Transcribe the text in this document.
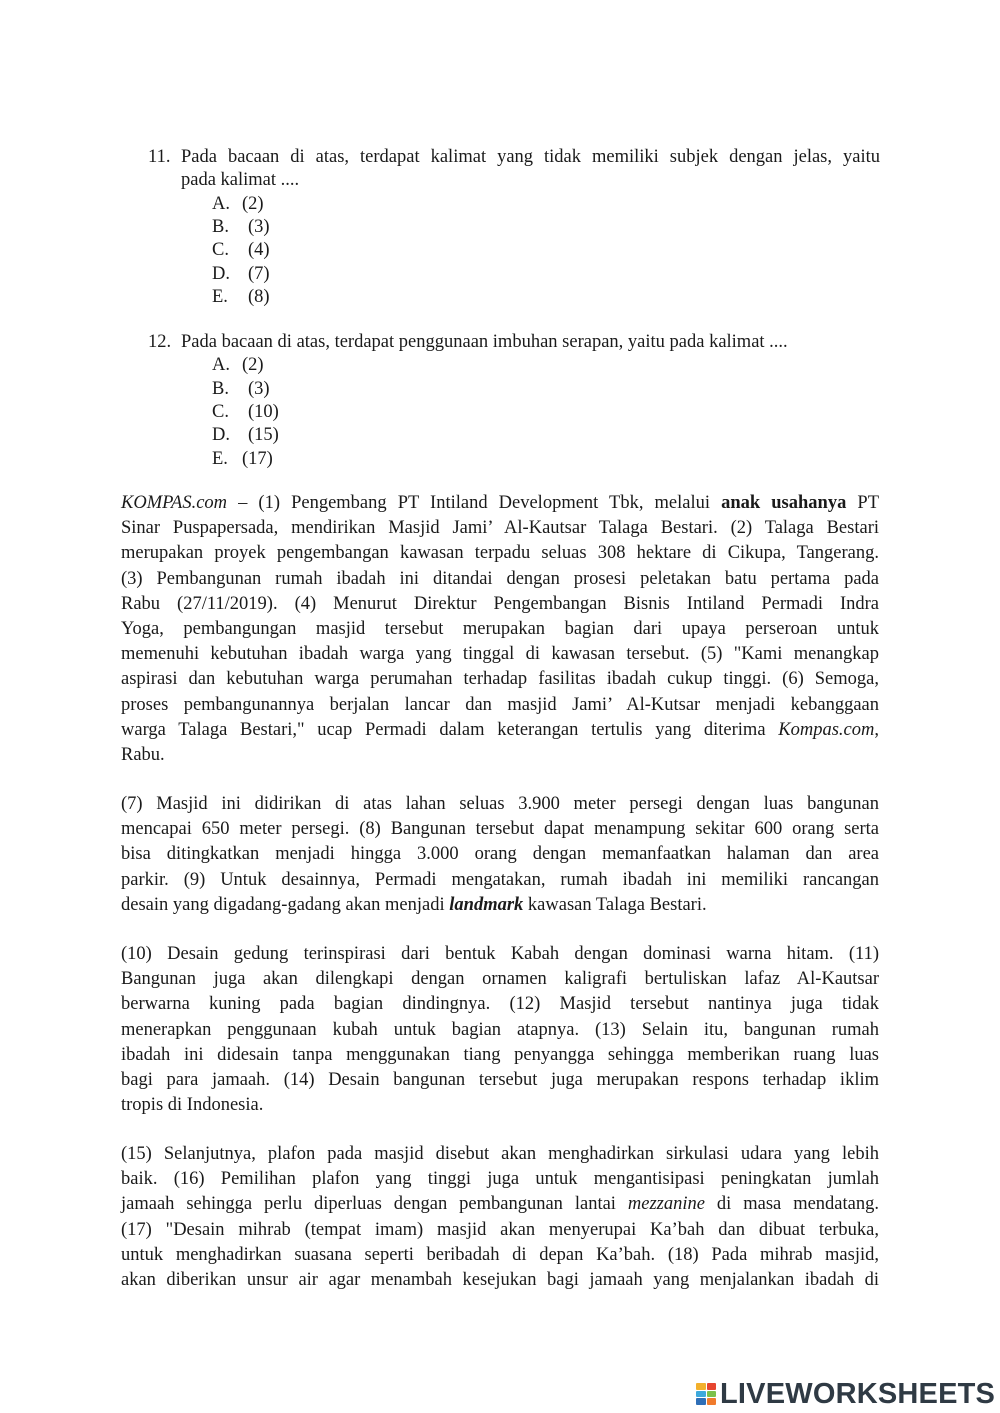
11. Pada bacaan di atas, terdapat kalimat yang tidak memiliki subjek dengan jelas, yaitu
pada kalimat ....
A. (2)
B.	(3)
C.	(4)
D. (7)
E.	(8)
12. Pada bacaan di atas, terdapat penggunaan imbuhan serapan, yaitu pada kalimat ....
A. (2)
B.	(3)
C.	(10)
D. (15)
E. (17)
KOMPAS.com – (1) Pengembang PT Intiland Development Tbk, melalui anak usahanya PT
Sinar Puspapersada, mendirikan Masjid Jami’ Al-Kautsar Talaga Bestari. (2) Talaga Bestari
merupakan proyek pengembangan kawasan terpadu seluas 308 hektare di Cikupa, Tangerang.
(3) Pembangunan rumah ibadah ini ditandai dengan prosesi peletakan batu pertama pada
Rabu (27/11/2019). (4) Menurut Direktur Pengembangan Bisnis Intiland Permadi Indra
Yoga, pembangungan masjid tersebut merupakan bagian dari upaya perseroan untuk
memenuhi kebutuhan ibadah warga yang tinggal di kawasan tersebut. (5) "Kami menangkap
aspirasi dan kebutuhan warga perumahan terhadap fasilitas ibadah cukup tinggi. (6) Semoga,
proses pembangunannya berjalan lancar dan masjid Jami’ Al-Kutsar menjadi kebanggaan
warga Talaga Bestari," ucap Permadi dalam keterangan tertulis yang diterima Kompas.com,
Rabu.
(7) Masjid ini didirikan di atas lahan seluas 3.900 meter persegi dengan luas bangunan
mencapai 650 meter persegi. (8) Bangunan tersebut dapat menampung sekitar 600 orang serta
bisa ditingkatkan menjadi hingga 3.000 orang dengan memanfaatkan halaman dan area
parkir. (9) Untuk desainnya, Permadi mengatakan, rumah ibadah ini memiliki rancangan
desain yang digadang-gadang akan menjadi landmark kawasan Talaga Bestari.
(10) Desain gedung terinspirasi dari bentuk Kabah dengan dominasi warna hitam. (11)
Bangunan juga akan dilengkapi dengan ornamen kaligrafi bertuliskan lafaz Al-Kautsar
berwarna kuning pada bagian dindingnya. (12) Masjid tersebut nantinya juga tidak
menerapkan penggunaan kubah untuk bagian atapnya. (13) Selain itu, bangunan rumah
ibadah ini didesain tanpa menggunakan tiang penyangga sehingga memberikan ruang luas
bagi para jamaah. (14) Desain bangunan tersebut juga merupakan respons terhadap iklim
tropis di Indonesia.
(15) Selanjutnya, plafon pada masjid disebut akan menghadirkan sirkulasi udara yang lebih
baik. (16) Pemilihan plafon yang tinggi juga untuk mengantisipasi peningkatan jumlah
jamaah sehingga perlu diperluas dengan pembangunan lantai mezzanine di masa mendatang.
(17) "Desain mihrab (tempat imam) masjid akan menyerupai Ka’bah dan dibuat terbuka,
untuk menghadirkan suasana seperti beribadah di depan Ka’bah. (18) Pada mihrab masjid,
akan diberikan unsur air agar menambah kesejukan bagi jamaah yang menjalankan ibadah di
LIVEWORKSHEETS
